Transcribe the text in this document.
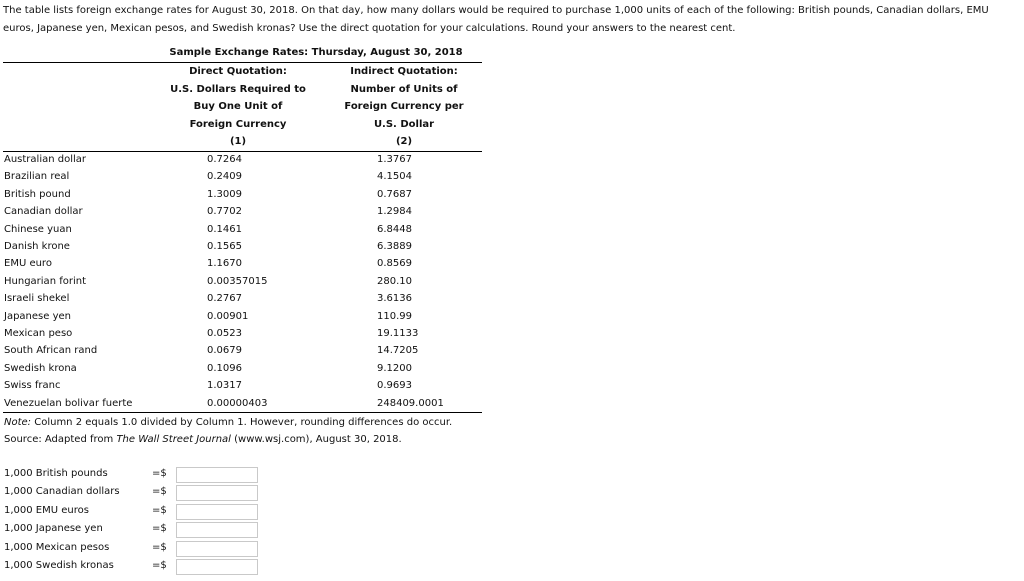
The table lists foreign exchange rates for August 30, 2018. On that day, how many dollars would be required to purchase 1,000 units of each of the following: British pounds, Canadian dollars, EMU euros, Japanese yen, Mexican pesos, and Swedish kronas? Use the direct quotation for your calculations. Round your answers to the nearest cent.
Sample Exchange Rates: Thursday, August 30, 2018
Direct Quotation:
U.S. Dollars Required to
Buy One Unit of
Foreign Currency
(1)
Indirect Quotation:
Number of Units of
Foreign Currency per
U.S. Dollar
(2)
Australian dollar	0.7264	1.3767
Brazilian real	0.2409	4.1504
British pound	1.3009	0.7687
Canadian dollar	0.7702	1.2984
Chinese yuan	0.1461	6.8448
Danish krone	0.1565	6.3889
EMU euro	1.1670	0.8569
Hungarian forint	0.00357015	280.10
Israeli shekel	0.2767	3.6136
Japanese yen	0.00901	110.99
Mexican peso	0.0523	19.1133
South African rand	0.0679	14.7205
Swedish krona	0.1096	9.1200
Swiss franc	1.0317	0.9693
Venezuelan bolivar fuerte	0.00000403	248409.0001
Note: Column 2 equals 1.0 divided by Column 1. However, rounding differences do occur.
Source: Adapted from The Wall Street Journal (www.wsj.com), August 30, 2018.
1,000 British pounds	=$
1,000 Canadian dollars	=$
1,000 EMU euros	=$
1,000 Japanese yen	=$
1,000 Mexican pesos	=$
1,000 Swedish kronas	=$
